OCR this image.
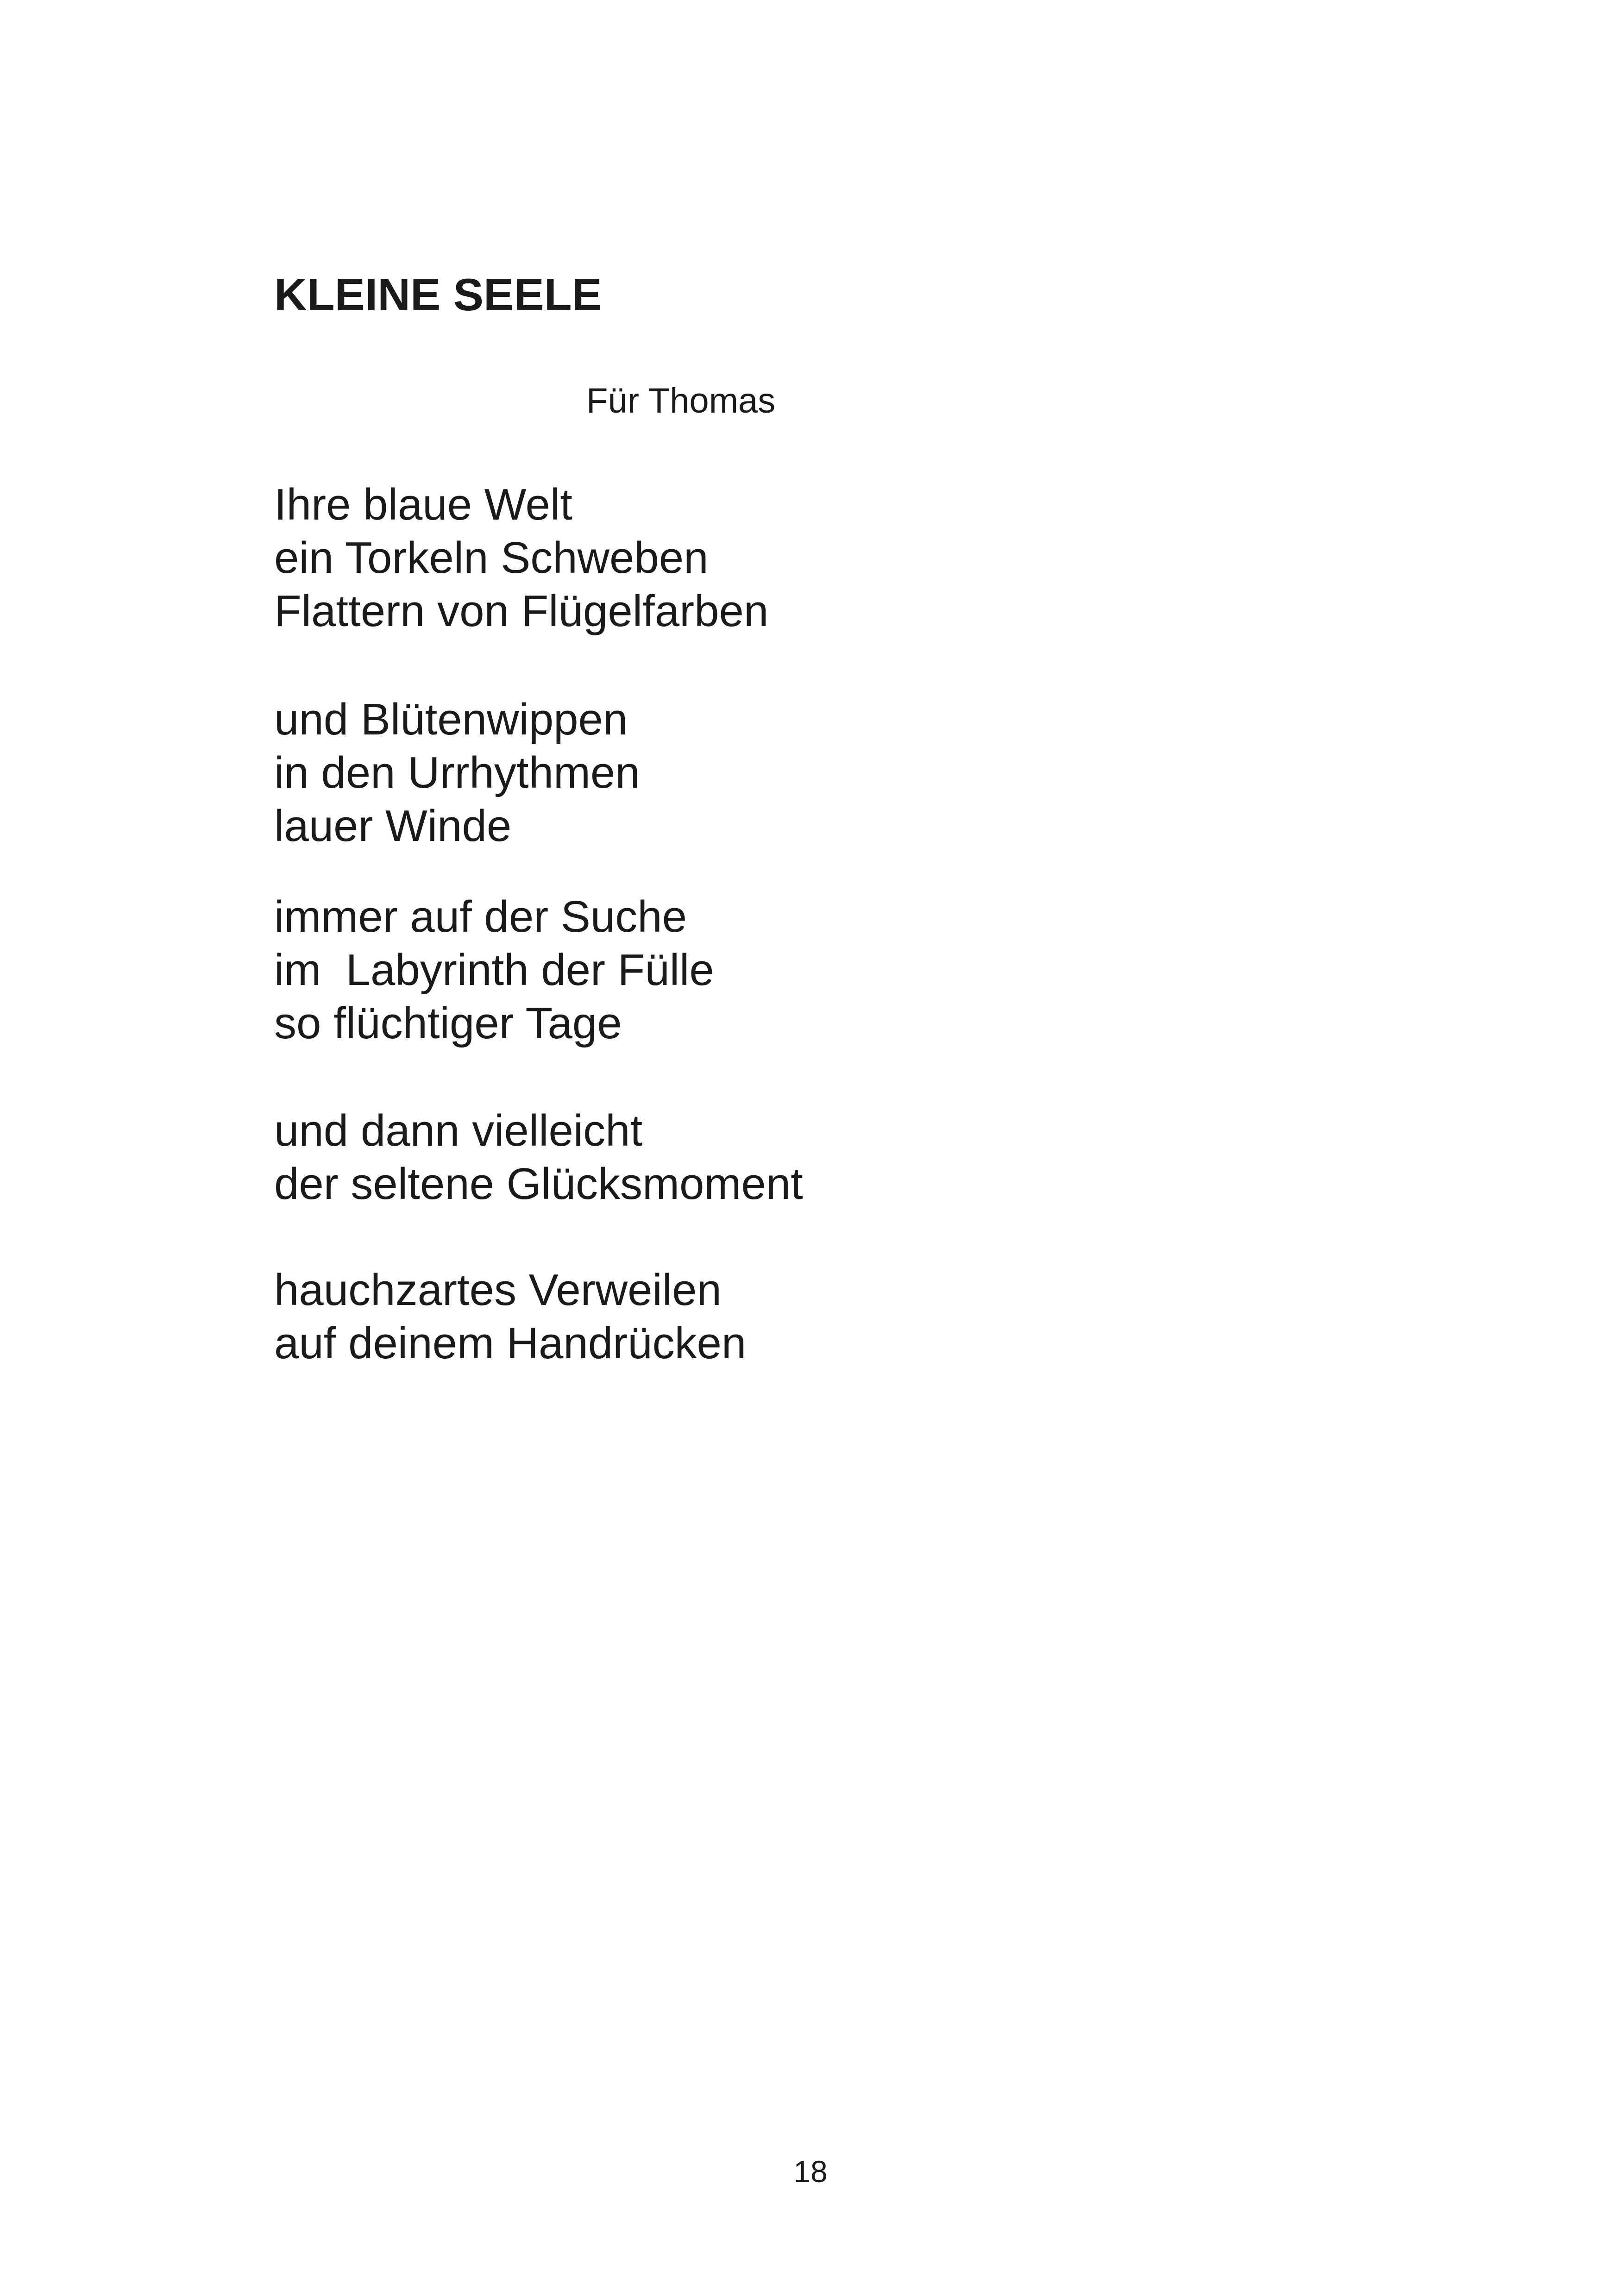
KLEINE SEELE

Für Thomas

Ihre blaue Welt
ein Torkeln Schweben
Flattern von Flügelfarben
und Blütenwippen
in den Urrhythmen
lauer Winde
immer auf der Suche
im  Labyrinth der Fülle
so flüchtiger Tage
und dann vielleicht
der seltene Glücksmoment
hauchzartes Verweilen
auf deinem Handrücken

18
